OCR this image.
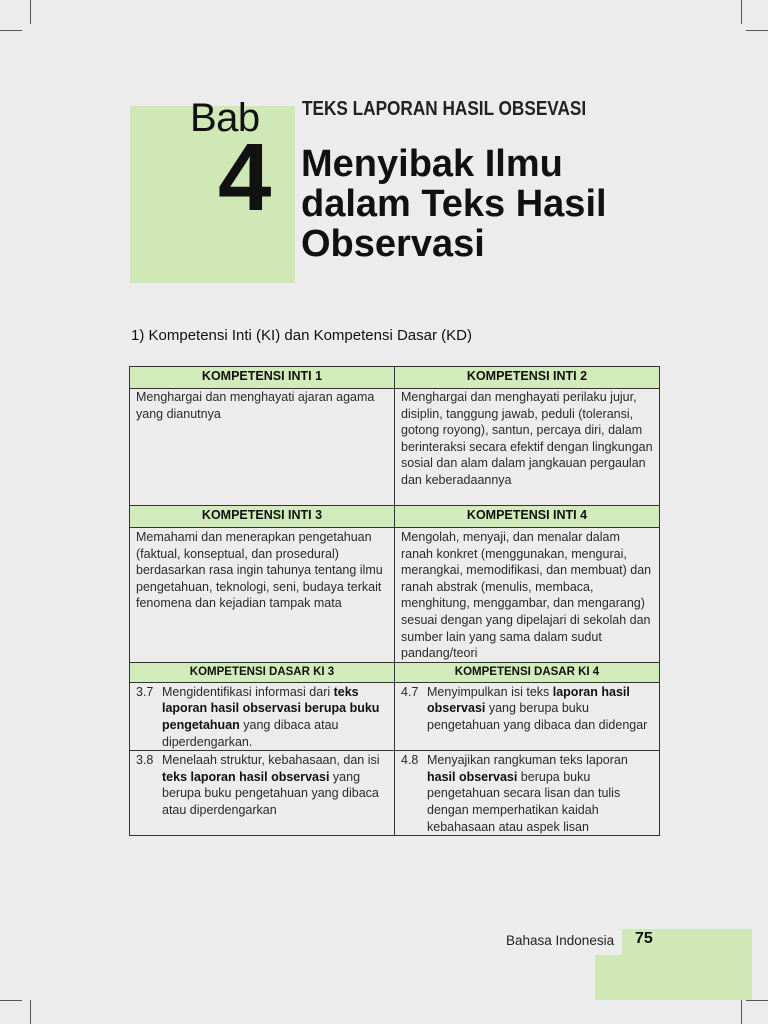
Bab
4
TEKS LAPORAN HASIL OBSEVASI
Menyibak Ilmu
dalam Teks Hasil
Observasi
1) Kompetensi Inti (KI) dan Kompetensi Dasar (KD)
KOMPETENSI INTI 1	KOMPETENSI INTI 2
Menghargai dan menghayati ajaran agama yang dianutnya	Menghargai dan menghayati perilaku jujur, disiplin, tanggung jawab, peduli (toleransi, gotong royong), santun, percaya diri, dalam berinteraksi secara efektif dengan lingkungan sosial dan alam dalam jangkauan pergaulan dan keberadaannya
KOMPETENSI INTI 3	KOMPETENSI INTI 4
Memahami dan menerapkan pengetahuan (faktual, konseptual, dan prosedural) berdasarkan rasa ingin tahunya tentang ilmu pengetahuan, teknologi, seni, budaya terkait fenomena dan kejadian tampak mata	Mengolah, menyaji, dan menalar dalam ranah konkret (menggunakan, mengurai, merangkai, memodifikasi, dan membuat) dan ranah abstrak (menulis, membaca, menghitung, menggambar, dan mengarang) sesuai dengan yang dipelajari di sekolah dan sumber lain yang sama dalam sudut pandang/teori
KOMPETENSI DASAR KI 3	KOMPETENSI DASAR KI 4

3.7 Mengidentifikasi informasi dari teks laporan hasil observasi berupa buku pengetahuan yang dibaca atau diperdengarkan.	4.7 Menyimpulkan isi teks laporan hasil observasi yang berupa buku pengetahuan yang dibaca dan didengar

3.8 Menelaah struktur, kebahasaan, dan isi teks laporan hasil observasi yang berupa buku pengetahuan yang dibaca atau diperdengarkan	4.8 Menyajikan rangkuman teks laporan hasil observasi berupa buku pengetahuan secara lisan dan tulis dengan memperhatikan kaidah kebahasaan atau aspek lisan
Bahasa Indonesia 75
